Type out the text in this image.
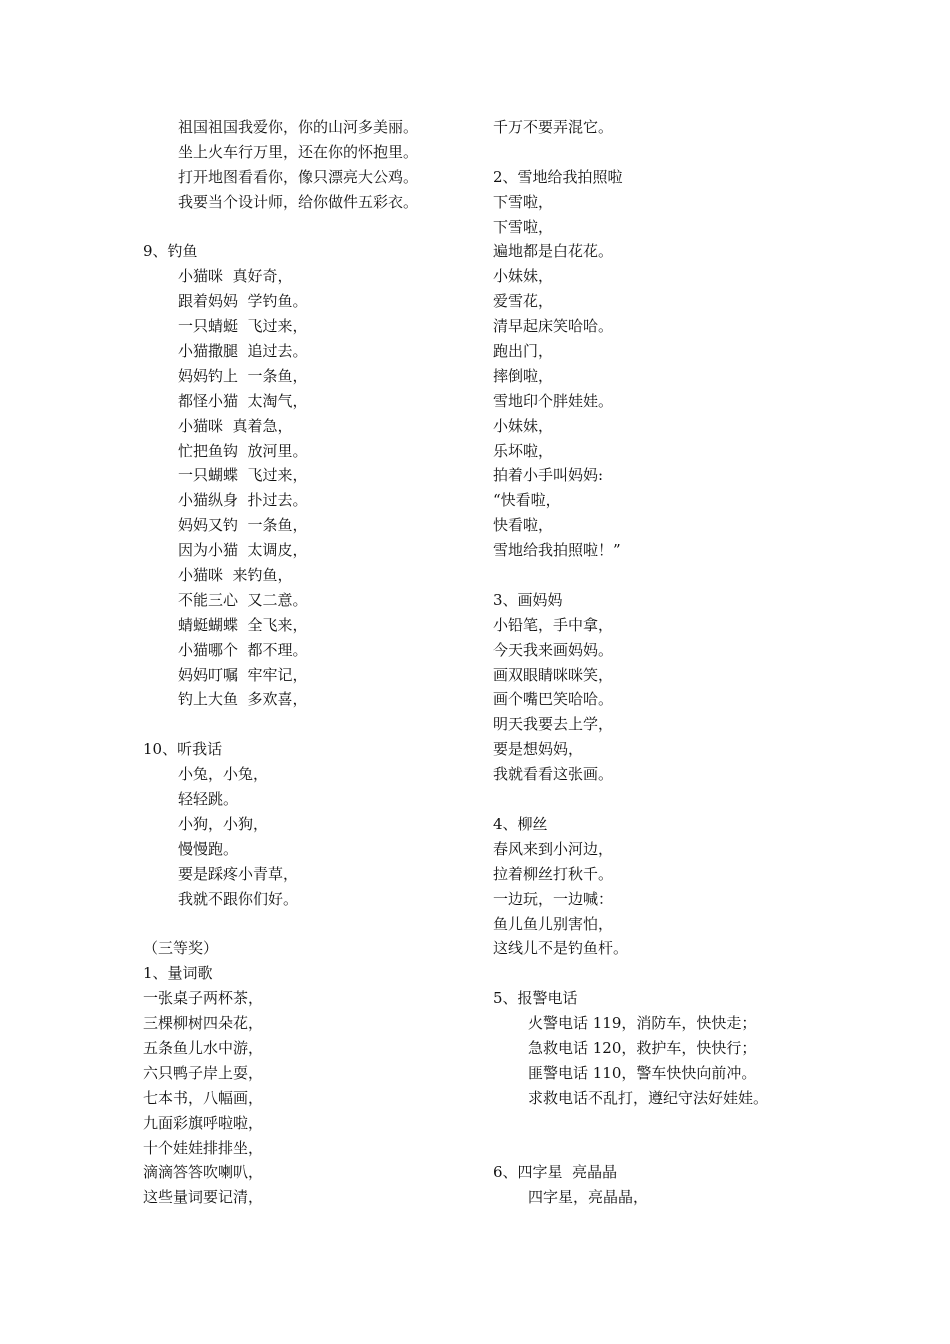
祖国祖国我爱你，你的山河多美丽。
坐上火车行万里，还在你的怀抱里。
打开地图看看你，像只漂亮大公鸡。
我要当个设计师，给你做件五彩衣。
9、钓鱼
小猫咪  真好奇，
跟着妈妈  学钓鱼。
一只蜻蜓  飞过来，
小猫撒腿  追过去。
妈妈钓上  一条鱼，
都怪小猫  太淘气，
小猫咪  真着急，
忙把鱼钩  放河里。
一只蝴蝶  飞过来，
小猫纵身  扑过去。
妈妈又钓  一条鱼，
因为小猫  太调皮，
小猫咪  来钓鱼，
不能三心  又二意。
蜻蜓蝴蝶  全飞来，
小猫哪个  都不理。
妈妈叮嘱  牢牢记，
钓上大鱼  多欢喜，
10、听我话
小兔，小兔，
轻轻跳。
小狗，小狗，
慢慢跑。
要是踩疼小青草，
我就不跟你们好。
（三等奖）
1、量词歌
一张桌子两杯茶，
三棵柳树四朵花，
五条鱼儿水中游，
六只鸭子岸上耍，
七本书，八幅画，
九面彩旗呼啦啦，
十个娃娃排排坐，
滴滴答答吹喇叭，
这些量词要记清，
千万不要弄混它。
2、雪地给我拍照啦
下雪啦，
下雪啦，
遍地都是白花花。
小妹妹，
爱雪花，
清早起床笑哈哈。
跑出门，
摔倒啦，
雪地印个胖娃娃。
小妹妹，
乐坏啦，
拍着小手叫妈妈:
“快看啦，
快看啦，
雪地给我拍照啦！”
3、画妈妈
小铅笔，手中拿，
今天我来画妈妈。
画双眼睛咪咪笑，
画个嘴巴笑哈哈。
明天我要去上学，
要是想妈妈，
我就看看这张画。
4、柳丝
春风来到小河边，
拉着柳丝打秋千。
一边玩，一边喊：
鱼儿鱼儿别害怕，
这线儿不是钓鱼杆。
5、报警电话
火警电话 119，消防车，快快走；
急救电话 120，救护车，快快行；
匪警电话 110，警车快快向前冲。
求救电话不乱打，遵纪守法好娃娃。
6、四字星  亮晶晶
四字星，亮晶晶，
